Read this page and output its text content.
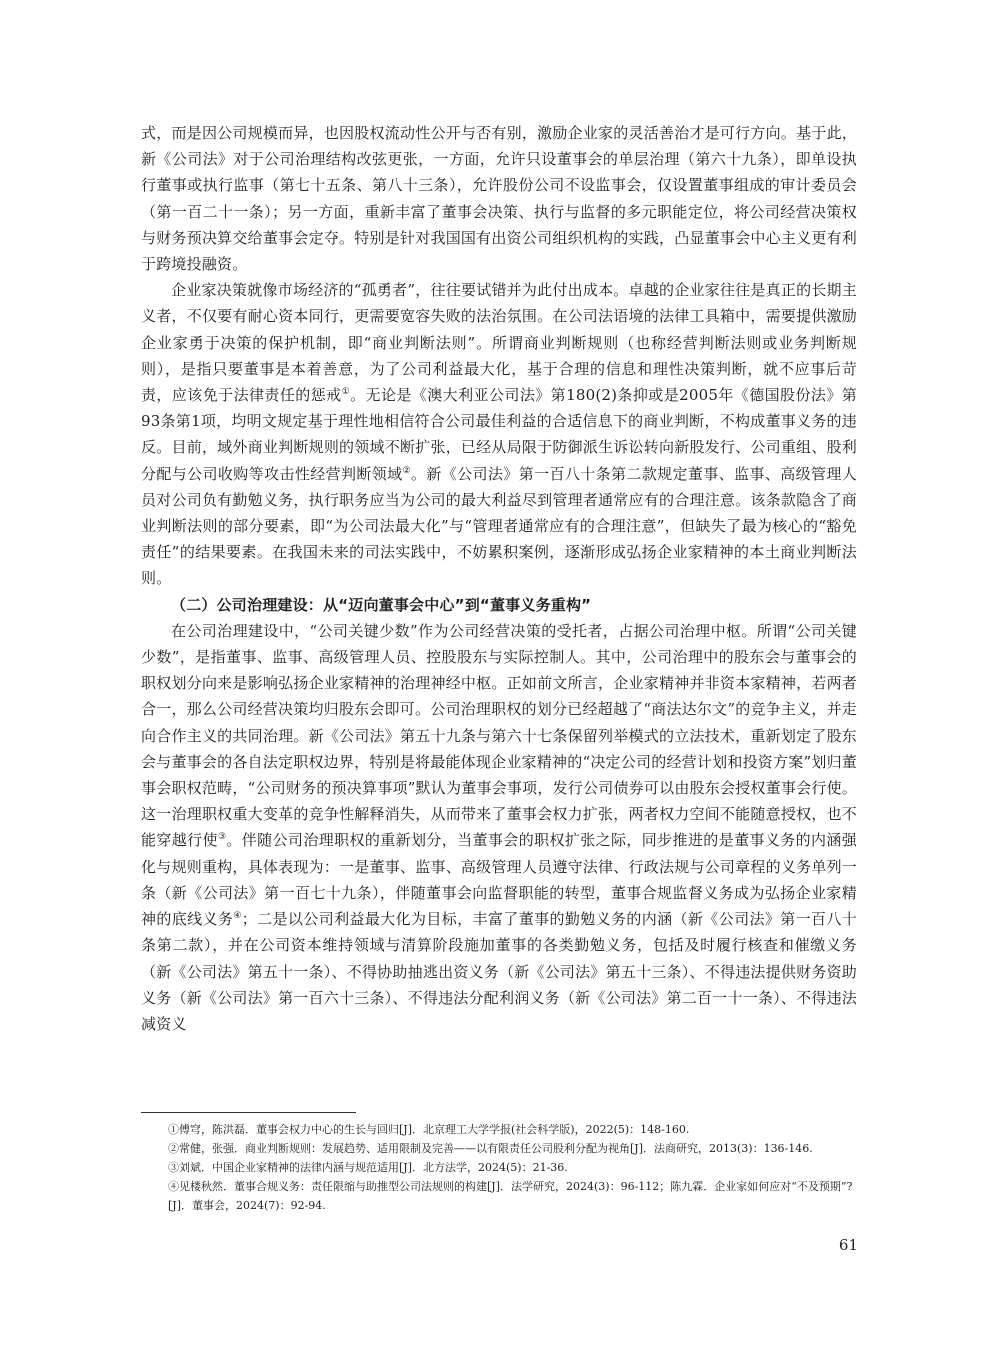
式，而是因公司规模而异，也因股权流动性公开与否有别，激励企业家的灵活善治才是可行方向。基于此，新《公司法》对于公司治理结构改弦更张，一方面，允许只设董事会的单层治理（第六十九条），即单设执行董事或执行监事（第七十五条、第八十三条），允许股份公司不设监事会，仅设置董事组成的审计委员会（第一百二十一条）；另一方面，重新丰富了董事会决策、执行与监督的多元职能定位，将公司经营决策权与财务预决算交给董事会定夺。特别是针对我国国有出资公司组织机构的实践，凸显董事会中心主义更有利于跨境投融资。

企业家决策就像市场经济的“孤勇者”，往往要试错并为此付出成本。卓越的企业家往往是真正的长期主义者，不仅要有耐心资本同行，更需要宽容失败的法治氛围。在公司法语境的法律工具箱中，需要提供激励企业家勇于决策的保护机制，即“商业判断法则”。所谓商业判断规则（也称经营判断法则或业务判断规则），是指只要董事是本着善意，为了公司利益最大化，基于合理的信息和理性决策判断，就不应事后苛责，应该免于法律责任的惩戒①。无论是《澳大利亚公司法》第180(2)条抑或是2005年《德国股份法》第93条第1项，均明文规定基于理性地相信符合公司最佳利益的合适信息下的商业判断，不构成董事义务的违反。目前，域外商业判断规则的领域不断扩张，已经从局限于防御派生诉讼转向新股发行、公司重组、股利分配与公司收购等攻击性经营判断领域②。新《公司法》第一百八十条第二款规定董事、监事、高级管理人员对公司负有勤勉义务，执行职务应当为公司的最大利益尽到管理者通常应有的合理注意。该条款隐含了商业判断法则的部分要素，即“为公司法最大化”与“管理者通常应有的合理注意”，但缺失了最为核心的“豁免责任”的结果要素。在我国未来的司法实践中，不妨累积案例，逐渐形成弘扬企业家精神的本土商业判断法则。

（二）公司治理建设：从“迈向董事会中心”到“董事义务重构”

在公司治理建设中，“公司关键少数”作为公司经营决策的受托者，占据公司治理中枢。所谓“公司关键少数”，是指董事、监事、高级管理人员、控股股东与实际控制人。其中，公司治理中的股东会与董事会的职权划分向来是影响弘扬企业家精神的治理神经中枢。正如前文所言，企业家精神并非资本家精神，若两者合一，那么公司经营决策均归股东会即可。公司治理职权的划分已经超越了“商法达尔文”的竞争主义，并走向合作主义的共同治理。新《公司法》第五十九条与第六十七条保留列举模式的立法技术，重新划定了股东会与董事会的各自法定职权边界，特别是将最能体现企业家精神的“决定公司的经营计划和投资方案”划归董事会职权范畴，“公司财务的预决算事项”默认为董事会事项，发行公司债券可以由股东会授权董事会行使。这一治理职权重大变革的竞争性解释消失，从而带来了董事会权力扩张，两者权力空间不能随意授权，也不能穿越行使③。伴随公司治理职权的重新划分，当董事会的职权扩张之际，同步推进的是董事义务的内涵强化与规则重构，具体表现为：一是董事、监事、高级管理人员遵守法律、行政法规与公司章程的义务单列一条（新《公司法》第一百七十九条），伴随董事会向监督职能的转型，董事合规监督义务成为弘扬企业家精神的底线义务④；二是以公司利益最大化为目标，丰富了董事的勤勉义务的内涵（新《公司法》第一百八十条第二款），并在公司资本维持领域与清算阶段施加董事的各类勤勉义务，包括及时履行核查和催缴义务（新《公司法》第五十一条）、不得协助抽逃出资义务（新《公司法》第五十三条）、不得违法提供财务资助义务（新《公司法》第一百六十三条）、不得违法分配利润义务（新《公司法》第二百一十一条）、不得违法减资义

①傅穹，陈洪磊．董事会权力中心的生长与回归[J]．北京理工大学学报(社会科学版)，2022(5)：148-160.
②常健，张强．商业判断规则：发展趋势、适用限制及完善——以有限责任公司股利分配为视角[J]．法商研究，2013(3)：136-146.
③刘斌．中国企业家精神的法律内涵与规范适用[J]．北方法学，2024(5)：21-36.
④见楼秋然．董事合规义务：责任限缩与助推型公司法规则的构建[J]．法学研究，2024(3)：96-112；陈九霖．企业家如何应对“不及预期”?[J]．董事会，2024(7)：92-94.
61
